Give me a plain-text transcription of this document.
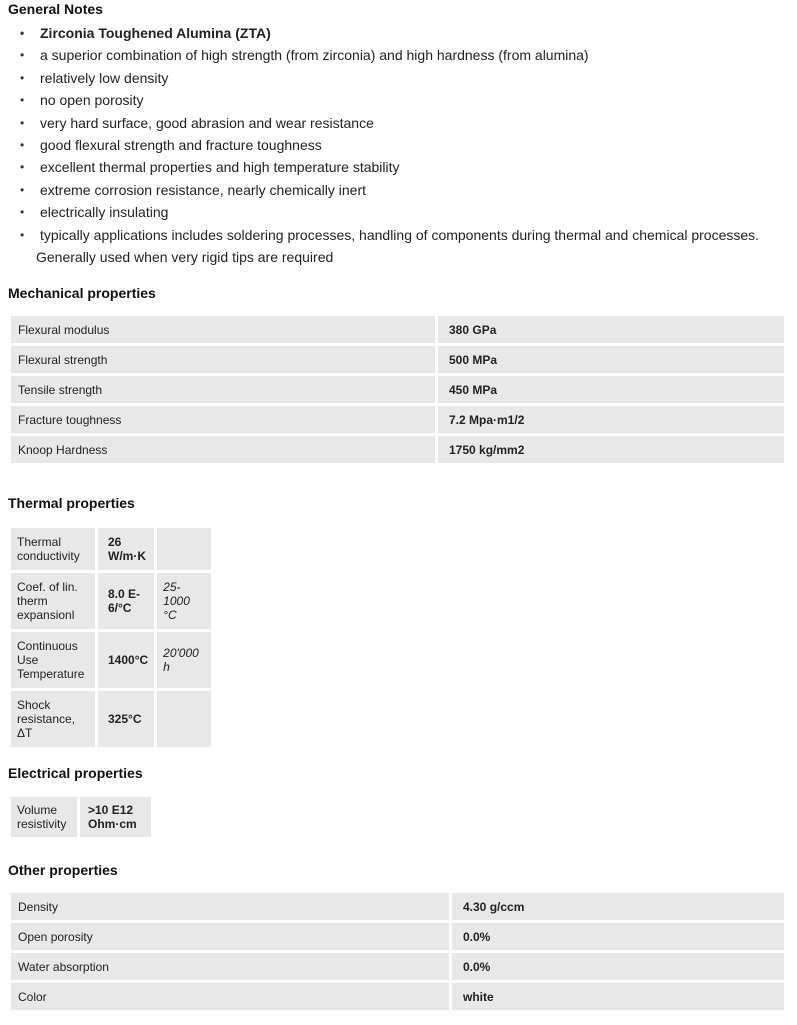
General Notes
• Zirconia Toughened Alumina (ZTA)
• a superior combination of high strength (from zirconia) and high hardness (from alumina)
• relatively low density
• no open porosity
• very hard surface, good abrasion and wear resistance
• good flexural strength and fracture toughness
• excellent thermal properties and high temperature stability
• extreme corrosion resistance, nearly chemically inert
• electrically insulating
• typically applications includes soldering processes, handling of components during thermal and chemical processes.
Generally used when very rigid tips are required
Mechanical properties
Flexural modulus	380 GPa
Flexural strength	500 MPa
Tensile strength	450 MPa
Fracture toughness	7.2 Mpa·m1/2
Knoop Hardness	1750 kg/mm2
Thermal properties
Thermal conductivity	26 W/m·K	
Coef. of lin. therm expansionl	8.0 E-6/°C	25-1000 °C
Continuous Use Temperature	1400°C	20'000 h
Shock resistance, ΔT	325°C	
Electrical properties
Volume resistivity	>10 E12 Ohm·cm
Other properties
Density	4.30 g/ccm
Open porosity	0.0%
Water absorption	0.0%
Color	white
